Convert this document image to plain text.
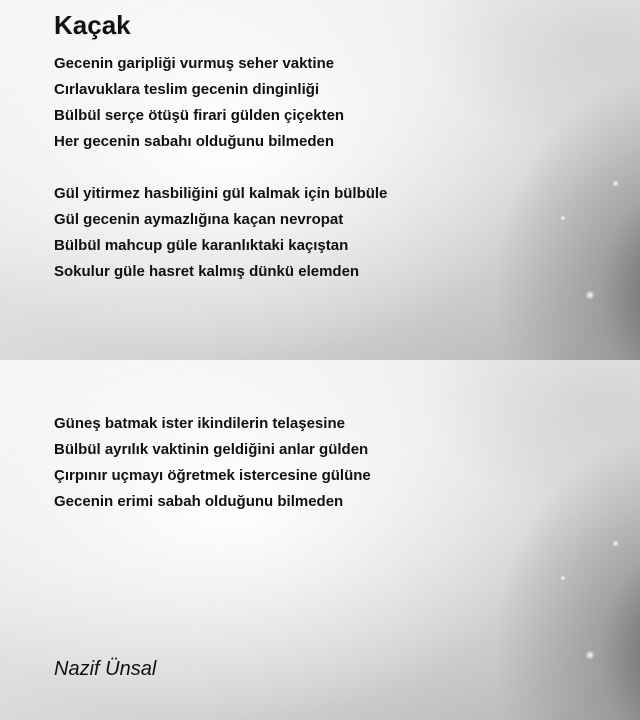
Kaçak
Gecenin garipliği vurmuş seher vaktine
Cırlavuklara teslim gecenin dinginliği
Bülbül serçe ötüşü firari gülden çiçekten
Her gecenin sabahı olduğunu bilmeden
Gül yitirmez hasbiliğini gül kalmak için bülbüle
Gül gecenin aymazlığına kaçan nevropat
Bülbül mahcup güle karanlıktaki kaçıştan
Sokulur güle hasret kalmış dünkü elemden
Güneş batmak ister ikindilerin telaşesine
Bülbül ayrılık vaktinin geldiğini anlar gülden
Çırpınır uçmayı öğretmek istercesine gülüne
Gecenin erimi sabah olduğunu bilmeden

Nazif Ünsal
